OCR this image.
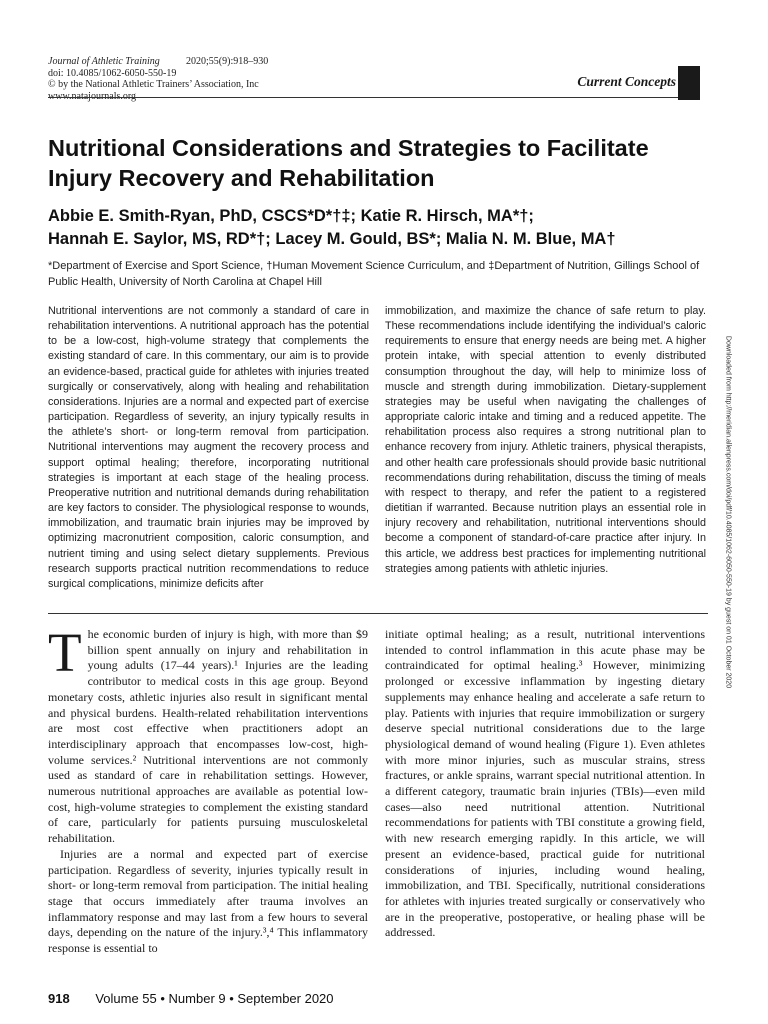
Journal of Athletic Training	2020;55(9):918–930
doi: 10.4085/1062-6050-550-19
© by the National Athletic Trainers’ Association, Inc
www.natajournals.org
Current Concepts
Nutritional Considerations and Strategies to Facilitate Injury Recovery and Rehabilitation
Abbie E. Smith-Ryan, PhD, CSCS*D*†‡; Katie R. Hirsch, MA*†;
Hannah E. Saylor, MS, RD*†; Lacey M. Gould, BS*; Malia N. M. Blue, MA†
*Department of Exercise and Sport Science, †Human Movement Science Curriculum, and ‡Department of Nutrition, Gillings School of Public Health, University of North Carolina at Chapel Hill
Nutritional interventions are not commonly a standard of care in rehabilitation interventions. A nutritional approach has the potential to be a low-cost, high-volume strategy that complements the existing standard of care. In this commentary, our aim is to provide an evidence-based, practical guide for athletes with injuries treated surgically or conservatively, along with healing and rehabilitation considerations. Injuries are a normal and expected part of exercise participation. Regardless of severity, an injury typically results in the athlete’s short- or long-term removal from participation. Nutritional interventions may augment the recovery process and support optimal healing; therefore, incorporating nutritional strategies is important at each stage of the healing process. Preoperative nutrition and nutritional demands during rehabilitation are key factors to consider. The physiological response to wounds, immobilization, and traumatic brain injuries may be improved by optimizing macronutrient composition, caloric consumption, and nutrient timing and using select dietary supplements. Previous research supports practical nutrition recommendations to reduce surgical complications, minimize deficits after
immobilization, and maximize the chance of safe return to play. These recommendations include identifying the individual’s caloric requirements to ensure that energy needs are being met. A higher protein intake, with special attention to evenly distributed consumption throughout the day, will help to minimize loss of muscle and strength during immobilization. Dietary-supplement strategies may be useful when navigating the challenges of appropriate caloric intake and timing and a reduced appetite. The rehabilitation process also requires a strong nutritional plan to enhance recovery from injury. Athletic trainers, physical therapists, and other health care professionals should provide basic nutritional recommendations during rehabilitation, discuss the timing of meals with respect to therapy, and refer the patient to a registered dietitian if warranted. Because nutrition plays an essential role in injury recovery and rehabilitation, nutritional interventions should become a component of standard-of-care practice after injury. In this article, we address best practices for implementing nutritional strategies among patients with athletic injuries.

The economic burden of injury is high, with more than $9 billion spent annually on injury and rehabilitation in young adults (17–44 years).¹ Injuries are the leading contributor to medical costs in this age group. Beyond monetary costs, athletic injuries also result in significant mental and physical burdens. Health-related rehabilitation interventions are most cost effective when practitioners adopt an interdisciplinary approach that encompasses low-cost, high-volume services.² Nutritional interventions are not commonly used as standard of care in rehabilitation settings. However, numerous nutritional approaches are available as potential low-cost, high-volume strategies to complement the existing standard of care, particularly for patients pursuing musculoskeletal rehabilitation.

Injuries are a normal and expected part of exercise participation. Regardless of severity, injuries typically result in short- or long-term removal from participation. The initial healing stage that occurs immediately after trauma involves an inflammatory response and may last from a few hours to several days, depending on the nature of the injury.³,⁴ This inflammatory response is essential to

initiate optimal healing; as a result, nutritional interventions intended to control inflammation in this acute phase may be contraindicated for optimal healing.³ However, minimizing prolonged or excessive inflammation by ingesting dietary supplements may enhance healing and accelerate a safe return to play. Patients with injuries that require immobilization or surgery deserve special nutritional considerations due to the large physiological demand of wound healing (Figure 1). Even athletes with more minor injuries, such as muscular strains, stress fractures, or ankle sprains, warrant special nutritional attention. In a different category, traumatic brain injuries (TBIs)—even mild cases—also need nutritional attention. Nutritional recommendations for patients with TBI constitute a growing field, with new research emerging rapidly. In this article, we will present an evidence-based, practical guide for nutritional considerations of injuries, including wound healing, immobilization, and TBI. Specifically, nutritional considerations for athletes with injuries treated surgically or conservatively who are in the preoperative, postoperative, or healing phase will be addressed.

Downloaded from http://meridian.allenpress.com/doi/pdf/10.4085/1062-6050-550-19 by guest on 01 October 2020
918 Volume 55 • Number 9 • September 2020
